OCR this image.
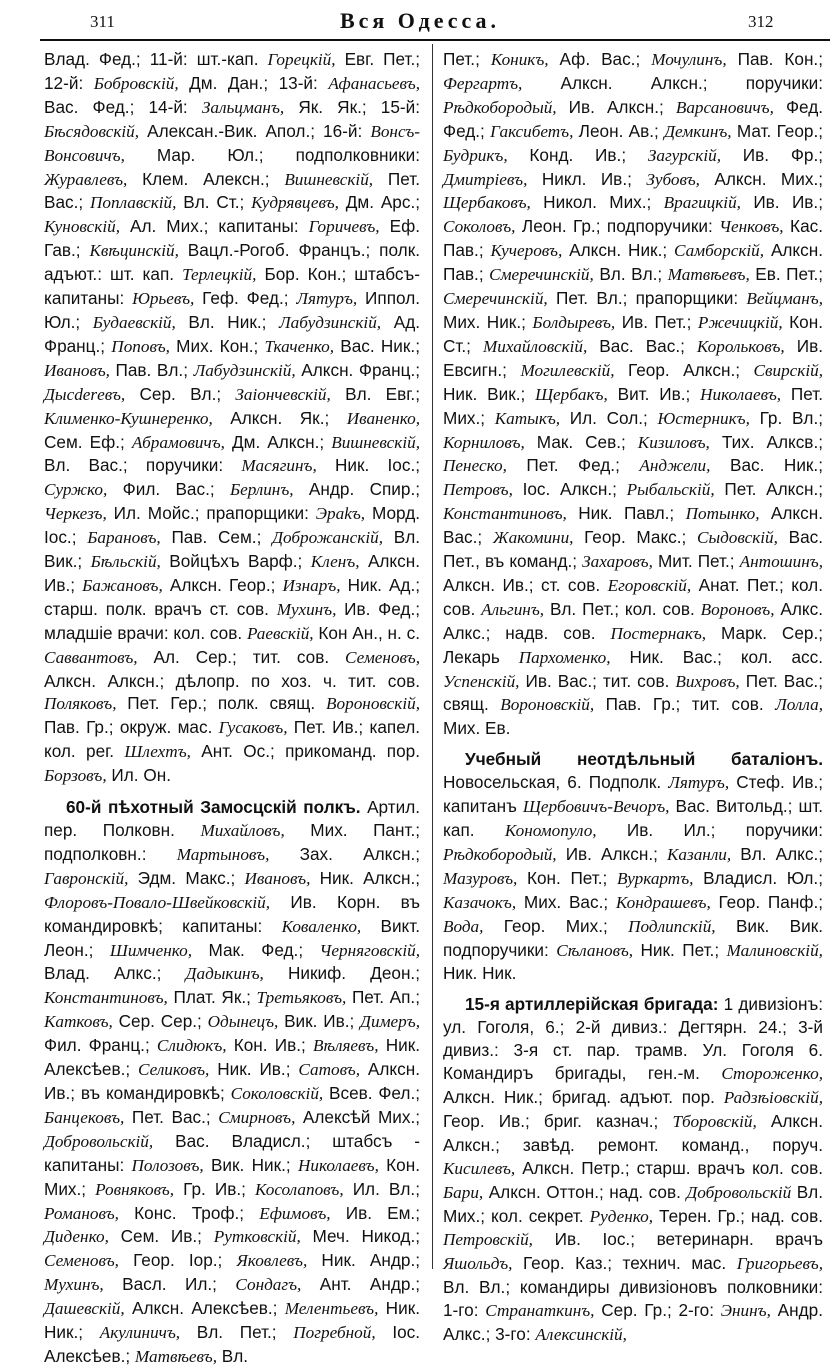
311	Вся Одесса.	312

Влад. Фед.; 11-й: шт.-кап. Горецкій, Евг. Пет.; 12-й: Бобровскій, Дм. Дан.; 13-й: Афанасьевъ, Вас. Фед.; 14-й: Зальцманъ, Як. Як.; 15-й: Бѣсядовскій, Алексан.-Вик. Апол.; 16-й: Вонсъ-Вонсовичъ, Мар. Юл.; подполковники: Журавлевъ, Клем. Алексн.; Вишневскій, Пет. Вас.; Поплавскій, Вл. Ст.; Кудрявцевъ, Дм. Арс.; Куновскій, Ал. Мих.; капитаны: Горичевъ, Еф. Гав.; Квѣцинскій, Вацл.-Рогоб. Францъ.; полк. адъют.: шт. кап. Терлецкій, Бор. Кон.; штабсъ-капитаны: Юрьевъ, Геф. Фед.; Лятуръ, Иппол. Юл.; Будаевскій, Вл. Ник.; Лабудзинскій, Ад. Франц.; Поповъ, Мих. Кон.; Ткаченко, Вас. Ник.; Ивановъ, Пав. Вл.; Лабудзинскій, Алксн. Франц.; Дысderевъ, Сер. Вл.; Заіончевскій, Вл. Евг.; Клименко-Кушнеренко, Алксн. Як.; Иваненко, Сем. Еф.; Абрамовичъ, Дм. Алксн.; Вишневскій, Вл. Вас.; поручики: Масягинъ, Ник. Іос.; Суржко, Фил. Вас.; Берлинъ, Андр. Спир.; Черкезъ, Ил. Мойс.; прапорщики: Эраkъ, Морд. Іос.; Барановъ, Пав. Сем.; Доброжанскій, Вл. Вик.; Бѣльскій, Войцѣхъ Варф.; Кленъ, Алксн. Ив.; Бажановъ, Алксн. Геор.; Изнаръ, Ник. Ад.; старш. полк. врачъ ст. сов. Мухинъ, Ив. Фед.; младшіе врачи: кол. сов. Раевскій, Кон Ан., н. с. Саввантовъ, Ал. Сер.; тит. сов. Семеновъ, Алксн. Алксн.; дѣлопр. по хоз. ч. тит. сов. Поляковъ, Пет. Гер.; полк. свящ. Вороновскій, Пав. Гр.; окруж. мас. Гусаковъ, Пет. Ив.; капел. кол. рег. Шлехтъ, Ант. Ос.; прикоманд. пор. Борзовъ, Ил. Он.

60-й пѣхотный Замосцскій полкъ. Артил. пер. Полковн. Михайловъ, Мих. Пант.; подполковн.: Мартыновъ, Зах. Алксн.; Гавронскій, Эдм. Макс.; Ивановъ, Ник. Алксн.; Флоровъ-Повало-Швейковскій, Ив. Корн. въ командировкѣ; капитаны: Коваленко, Викт. Леон.; Шимченко, Мак. Фед.; Черняговскій, Влад. Алкс.; Дадыкинъ, Никиф. Деон.; Константиновъ, Плат. Як.; Третьяковъ, Пет. Ап.; Катковъ, Сер. Сер.; Одынецъ, Вик. Ив.; Димеръ, Фил. Франц.; Слидюкъ, Кон. Ив.; Вѣляевъ, Ник. Алексѣев.; Селиковъ, Ник. Ив.; Сатовъ, Алксн. Ив.; въ командировкѣ; Соколовскій, Всев. Фел.; Банцековъ, Пет. Вас.; Смирновъ, Алексѣй Мих.; Добровольскій, Вас. Владисл.; штабсъ - капитаны: Полозовъ, Вик. Ник.; Николаевъ, Кон. Мих.; Ровняковъ, Гр. Ив.; Косолаповъ, Ил. Вл.; Романовъ, Конс. Троф.; Ефимовъ, Ив. Ем.; Диденко, Сем. Ив.; Рутковскій, Меч. Никод.; Семеновъ, Геор. Іор.; Яковлевъ, Ник. Андр.; Мухинъ, Васл. Ил.; Сондагъ, Ант. Андр.; Дашевскій, Алксн. Алексѣев.; Мелентьевъ, Ник. Ник.; Акулиничъ, Вл. Пет.; Погребной, Іос. Алексѣев.; Матвѣевъ, Вл.

Пет.; Коникъ, Аф. Вас.; Мочулинъ, Пав. Кон.; Фергартъ, Алксн. Алксн.; поручики: Рѣдкобородый, Ив. Алксн.; Варсановичъ, Фед. Фед.; Гаксибетъ, Леон. Ав.; Демкинъ, Мат. Геор.; Будрикъ, Конд. Ив.; Загурскій, Ив. Фр.; Дмитріевъ, Никл. Ив.; Зубовъ, Алксн. Мих.; Щербаковъ, Никол. Мих.; Врагицкій, Ив. Ив.; Соколовъ, Леон. Гр.; подпоручики: Ченковъ, Кас. Пав.; Кучеровъ, Алксн. Ник.; Самборскій, Алксн. Пав.; Смеречинскій, Вл. Вл.; Матвѣевъ, Ев. Пет.; Смеречинскій, Пет. Вл.; прапорщики: Вейцманъ, Мих. Ник.; Болдыревъ, Ив. Пет.; Ржечицкій, Кон. Ст.; Михайловскій, Вас. Вас.; Корольковъ, Ив. Евсигн.; Могилевскій, Геор. Алксн.; Свирскій, Ник. Вик.; Щербакъ, Вит. Ив.; Николаевъ, Пет. Мих.; Катыкъ, Ил. Сол.; Юстерникъ, Гр. Вл.; Корниловъ, Мак. Сев.; Кизиловъ, Тих. Алксв.; Пенеско, Пет. Фед.; Анджели, Вас. Ник.; Петровъ, Іос. Алксн.; Рыбальскій, Пет. Алксн.; Константиновъ, Ник. Павл.; Потынко, Алксн. Вас.; Жакомини, Геор. Макс.; Сыдовскій, Вас. Пет., въ команд.; Захаровъ, Мит. Пет.; Антошинъ, Алксн. Ив.; ст. сов. Егоровскій, Анат. Пет.; кол. сов. Альгинъ, Вл. Пет.; кол. сов. Вороновъ, Алкс. Алкс.; надв. сов. Постернакъ, Марк. Сер.; Лекарь Пархоменко, Ник. Вас.; кол. асс. Успенскій, Ив. Вас.; тит. сов. Вихровъ, Пет. Вас.; свящ. Вороновскій, Пав. Гр.; тит. сов. Лолла, Мих. Ев.

Учебный неотдѣльный баталіонъ. Новосельская, 6. Подполк. Лятуръ, Стеф. Ив.; капитанъ Щербовичъ-Вечоръ, Вас. Витольд.; шт. кап. Кономопуло, Ив. Ил.; поручики: Рѣдкобородый, Ив. Алксн.; Казанли, Вл. Алкс.; Мазуровъ, Кон. Пет.; Вуркартъ, Владисл. Юл.; Казачокъ, Мих. Вас.; Кондрашевъ, Геор. Панф.; Вода, Геор. Мих.; Подлипскій, Вик. Вик. подпоручики: Сѣлановъ, Ник. Пет.; Малиновскій, Ник. Ник.

15-я артиллерійская бригада: 1 дивизіонъ: ул. Гоголя, 6.; 2-й дивиз.: Дегтярн. 24.; 3-й дивиз.: 3-я ст. пар. трамв. Ул. Гоголя 6. Командиръ бригады, ген.-м. Стороженко, Алксн. Ник.; бригад. адъют. пор. Радзѣіовскій, Геор. Ив.; бриг. казнач.; Тборовскій, Алксн. Алксн.; завѣд. ремонт. команд., поруч. Кисилевъ, Алксн. Петр.; старш. врачъ кол. сов. Бари, Алксн. Оттон.; над. сов. Добровольскій Вл. Мих.; кол. секрет. Руденко, Терен. Гр.; над. сов. Петровскій, Ив. Іос.; ветеринарн. врачъ Яшольдъ, Геор. Каз.; технич. мас. Григорьевъ, Вл. Вл.; командиры дивизіоновъ полковники: 1-го: Странаткинъ, Сер. Гр.; 2-го: Энинъ, Андр. Алкс.; 3-го: Алексинскій,
